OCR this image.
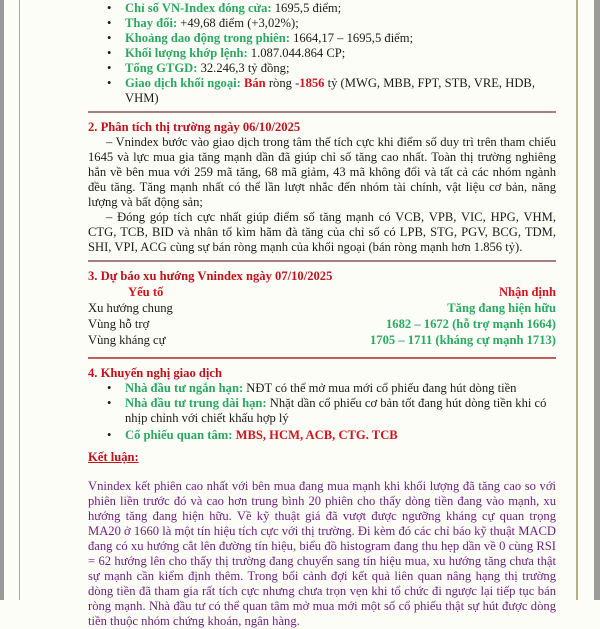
• Chỉ số VN-Index đóng cửa: 1695,5 điểm;
• Thay đổi: +49,68 điểm (+3,02%);
• Khoảng dao động trong phiên: 1664,17 – 1695,5 điểm;
• Khối lượng khớp lệnh: 1.087.044.864 CP;
• Tổng GTGD: 32.246,3 tỷ đồng;
• Giao dịch khối ngoại: Bán ròng -1856 tỷ (MWG, MBB, FPT, STB, VRE, HDB, VHM)
2. Phân tích thị trường ngày 06/10/2025
– Vnindex bước vào giao dịch trong tâm thế tích cực khi điểm số duy trì trên tham chiếu 1645 và lực mua gia tăng mạnh dần đã giúp chỉ số tăng cao nhất. Toàn thị trường nghiêng hẳn về bên mua với 259 mã tăng, 68 mã giảm, 43 mã không đổi và tất cả các nhóm ngành đều tăng. Tăng mạnh nhất có thể lần lượt nhắc đến nhóm tài chính, vật liệu cơ bản, năng lượng và bất động sản;
– Đóng góp tích cực nhất giúp điểm số tăng mạnh có VCB, VPB, VIC, HPG, VHM, CTG, TCB, BID và nhân tố kìm hãm đà tăng của chỉ số có LPB, STG, PGV, BCG, TDM, SHI, VPI, ACG cùng sự bán ròng mạnh của khối ngoại (bán ròng mạnh hơn 1.856 tỷ).
3. Dự báo xu hướng Vnindex ngày 07/10/2025
Yếu tố	Nhận định
Xu hướng chung	Tăng đang hiện hữu
Vùng hỗ trợ	1682 – 1672 (hỗ trợ mạnh 1664)
Vùng kháng cự	1705 – 1711 (kháng cự mạnh 1713)
4. Khuyến nghị giao dịch
• Nhà đầu tư ngắn hạn: NĐT có thể mở mua mới cổ phiếu đang hút dòng tiền
• Nhà đầu tư trung dài hạn: Nhặt dần cổ phiếu cơ bản tốt đang hút dòng tiền khi có nhịp chỉnh với chiết khấu hợp lý
• Cổ phiếu quan tâm: MBS, HCM, ACB, CTG. TCB
Kết luận:
Vnindex kết phiên cao nhất với bên mua đang mua mạnh khi khối lượng đã tăng cao so với phiên liền trước đó và cao hơn trung bình 20 phiên cho thấy dòng tiền đang vào mạnh, xu hướng tăng đang hiện hữu. Về kỹ thuật giá đã vượt được ngưỡng kháng cự quan trọng MA20 ở 1660 là một tín hiệu tích cực với thị trường. Đi kèm đó các chỉ báo kỹ thuật MACD đang có xu hướng cắt lên đường tín hiệu, biểu đồ histogram đang thu hẹp dần về 0 cùng RSI = 62 hướng lên cho thấy thị trường đang chuyển sang tín hiệu mua, xu hướng tăng chưa thật sự mạnh cần kiểm định thêm. Trong bối cảnh đợi kết quả liên quan nâng hạng thị trường dòng tiền đã tham gia rất tích cực nhưng chưa trọn vẹn khi tổ chức đi ngược lại tiếp tục bán ròng mạnh. Nhà đầu tư có thể quan tâm mở mua mới một số cổ phiếu thật sự hút được dòng tiền thuộc nhóm chứng khoán, ngân hàng.
